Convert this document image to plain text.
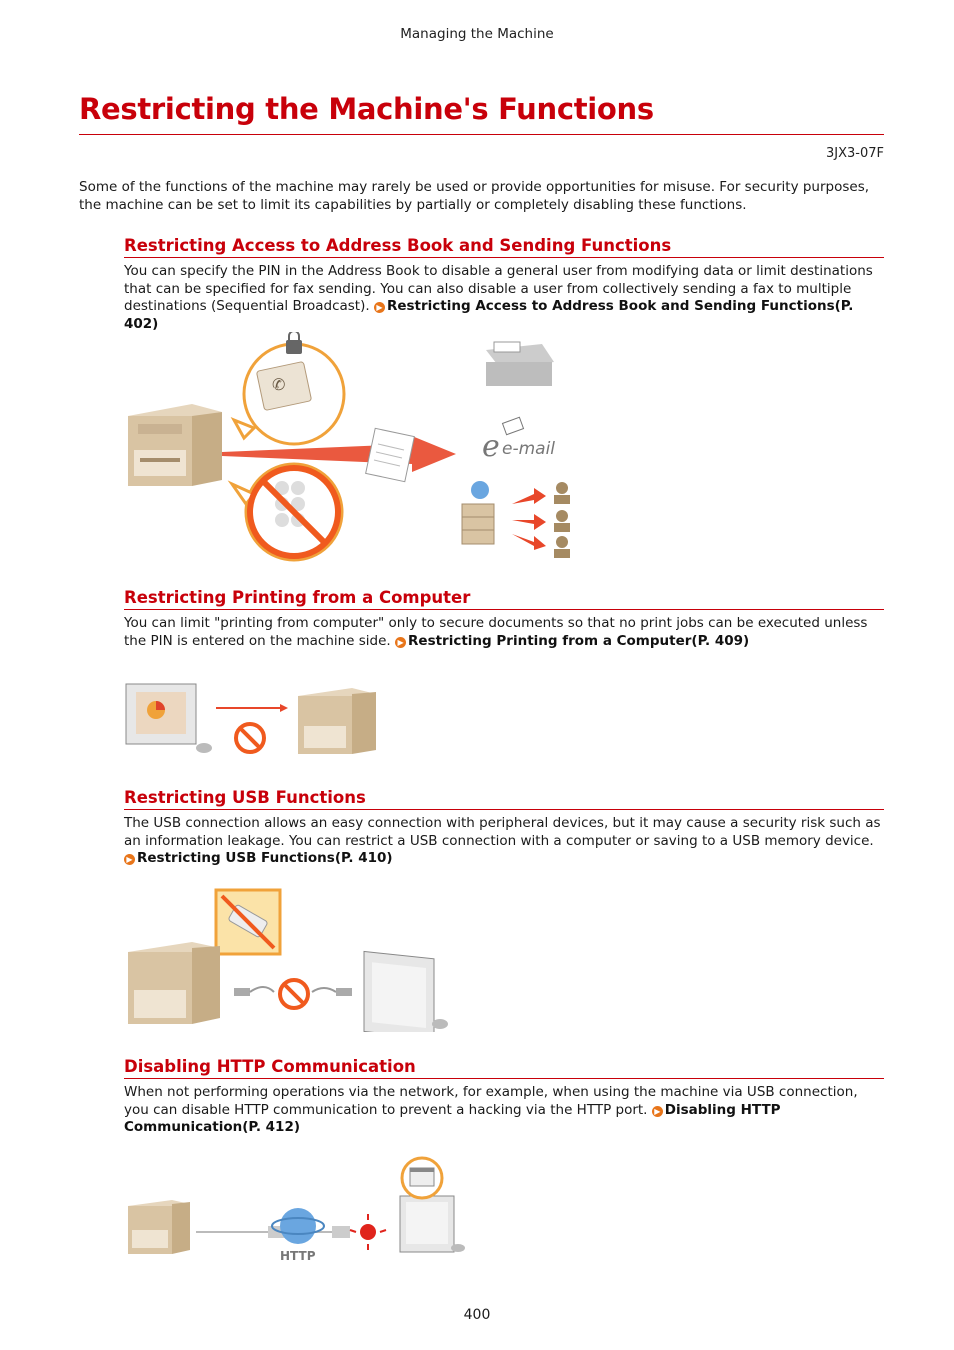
Managing the Machine
Restricting the Machine's Functions
3JX3-07F

Some of the functions of the machine may rarely be used or provide opportunities for misuse. For security purposes, the machine can be set to limit its capabilities by partially or completely disabling these functions.

Restricting Access to Address Book and Sending Functions

You can specify the PIN in the Address Book to disable a general user from modifying data or limit destinations that can be specified for fax sending. You can also disable a user from collectively sending a fax to multiple destinations (Sequential Broadcast). ▶ Restricting Access to Address Book and Sending Functions(P. 402)

✆
e e-mail
Restricting Printing from a Computer

You can limit "printing from computer" only to secure documents so that no print jobs can be executed unless the PIN is entered on the machine side. ▶ Restricting Printing from a Computer(P. 409)

Restricting USB Functions

The USB connection allows an easy connection with peripheral devices, but it may cause a security risk such as an information leakage. You can restrict a USB connection with a computer or saving to a USB memory device. ▶ Restricting USB Functions(P. 410)

Disabling HTTP Communication

When not performing operations via the network, for example, when using the machine via USB connection, you can disable HTTP communication to prevent a hacking via the HTTP port. ▶ Disabling HTTP Communication(P. 412)

HTTP
400
